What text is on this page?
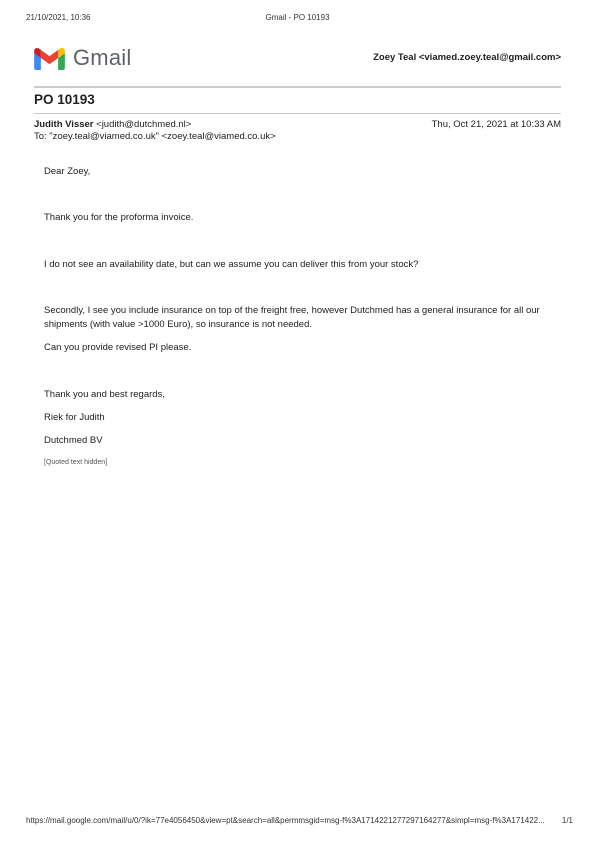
21/10/2021, 10:36	Gmail - PO 10193
Gmail	Zoey Teal <viamed.zoey.teal@gmail.com>
PO 10193
Judith Visser <judith@dutchmed.nl>	Thu, Oct 21, 2021 at 10:33 AM
To: "zoey.teal@viamed.co.uk" <zoey.teal@viamed.co.uk>

Dear Zoey,

Thank you for the proforma invoice.

I do not see an availability date, but can we assume you can deliver this from your stock?

Secondly, I see you include insurance on top of the freight free, however Dutchmed has a general insurance for all our shipments (with value >1000 Euro), so insurance is not needed.

Can you provide revised PI please.

Thank you and best regards,

Riek for Judith

Dutchmed BV

[Quoted text hidden]
https://mail.google.com/mail/u/0/?ik=77e4056450&view=pt&search=all&permmsgid=msg-f%3A1714221277297164277&simpl=msg-f%3A171422...	1/1
